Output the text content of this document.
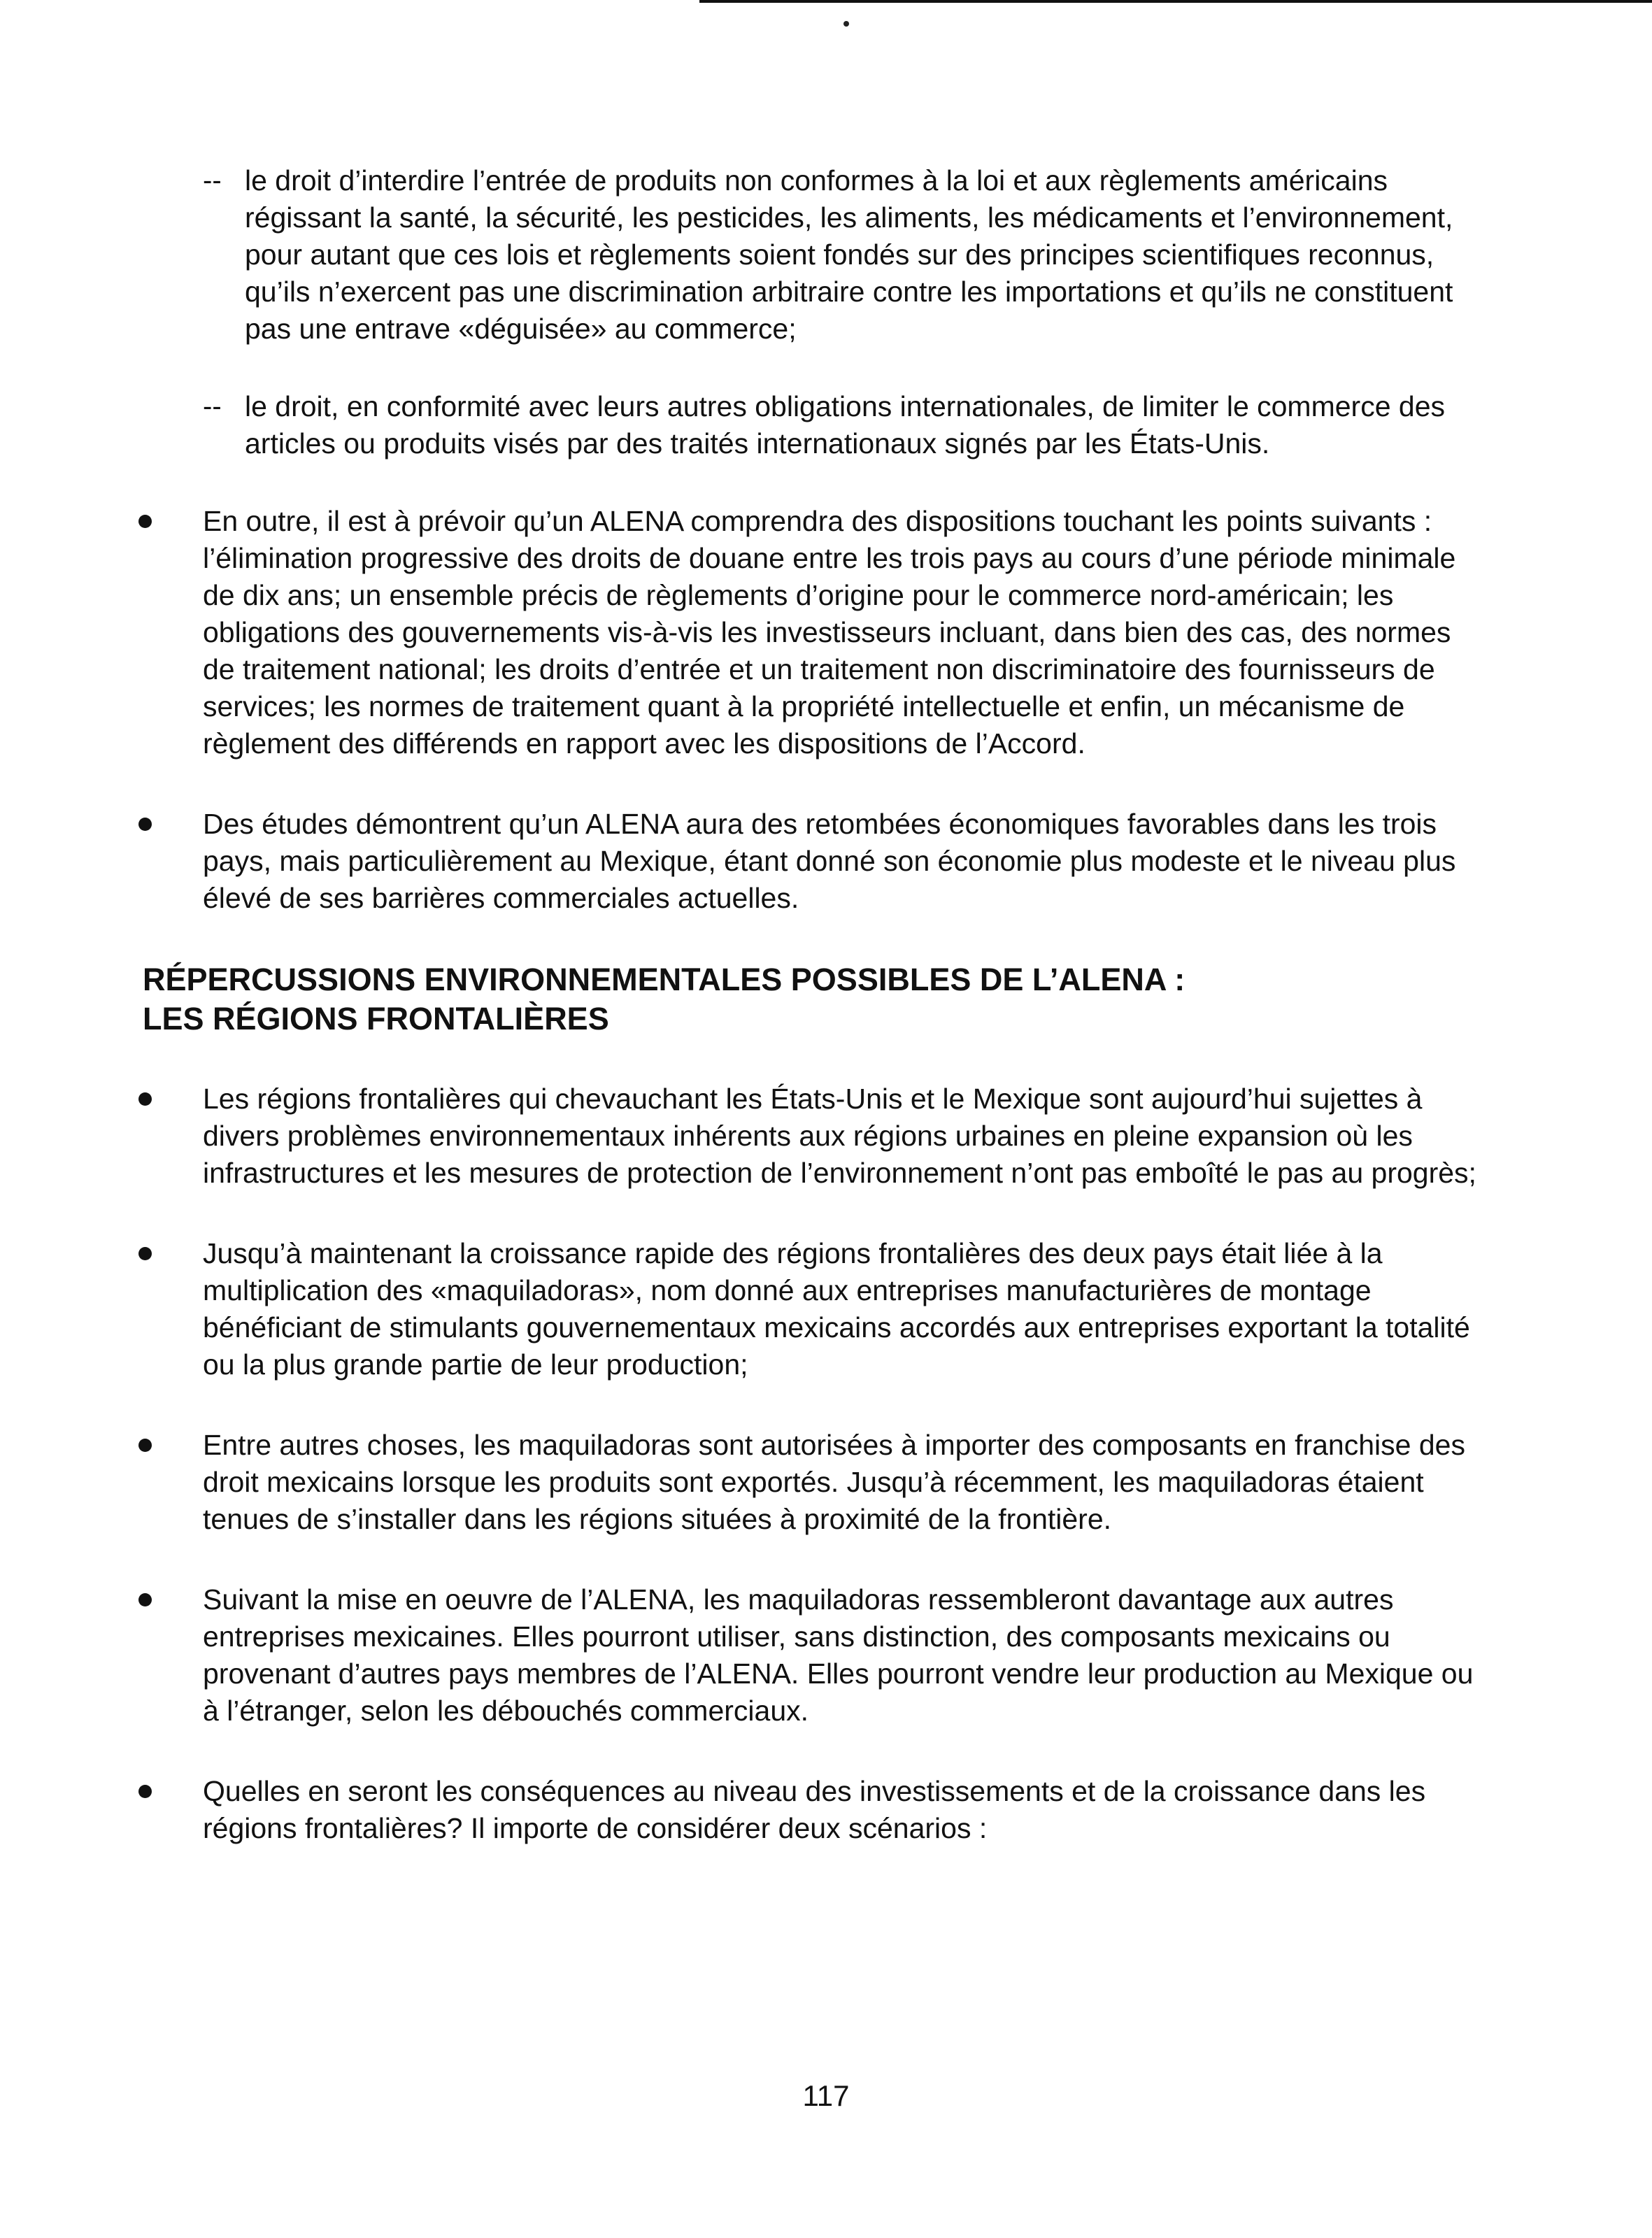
-- le droit d’interdire l’entrée de produits non conformes à la loi et aux règlements américains régissant la santé, la sécurité, les pesticides, les aliments, les médicaments et l’environnement, pour autant que ces lois et règlements soient fondés sur des principes scientifiques reconnus, qu’ils n’exercent pas une discrimination arbitraire contre les importations et qu’ils ne constituent pas une entrave «déguisée» au commerce;
-- le droit, en conformité avec leurs autres obligations internationales, de limiter le commerce des articles ou produits visés par des traités internationaux signés par les États-Unis.
En outre, il est à prévoir qu’un ALENA comprendra des dispositions touchant les points suivants : l’élimination progressive des droits de douane entre les trois pays au cours d’une période minimale de dix ans; un ensemble précis de règlements d’origine pour le commerce nord-américain; les obligations des gouvernements vis-à-vis les investisseurs incluant, dans bien des cas, des normes de traitement national; les droits d’entrée et un traitement non discriminatoire des fournisseurs de services; les normes de traitement quant à la propriété intellectuelle et enfin, un mécanisme de règlement des différends en rapport avec les dispositions de l’Accord.
Des études démontrent qu’un ALENA aura des retombées économiques favorables dans les trois pays, mais particulièrement au Mexique, étant donné son économie plus modeste et le niveau plus élevé de ses barrières commerciales actuelles.
RÉPERCUSSIONS ENVIRONNEMENTALES POSSIBLES DE L’ALENA :
LES RÉGIONS FRONTALIÈRES
Les régions frontalières qui chevauchant les États-Unis et le Mexique sont aujourd’hui sujettes à divers problèmes environnementaux inhérents aux régions urbaines en pleine expansion où les infrastructures et les mesures de protection de l’environnement n’ont pas emboîté le pas au progrès;
Jusqu’à maintenant la croissance rapide des régions frontalières des deux pays était liée à la multiplication des «maquiladoras», nom donné aux entreprises manufacturières de montage bénéficiant de stimulants gouvernementaux mexicains accordés aux entreprises exportant la totalité ou la plus grande partie de leur production;
Entre autres choses, les maquiladoras sont autorisées à importer des composants en franchise des droit mexicains lorsque les produits sont exportés. Jusqu’à récemment, les maquiladoras étaient tenues de s’installer dans les régions situées à proximité de la frontière.
Suivant la mise en oeuvre de l’ALENA, les maquiladoras ressembleront davantage aux autres entreprises mexicaines. Elles pourront utiliser, sans distinction, des composants mexicains ou provenant d’autres pays membres de l’ALENA. Elles pourront vendre leur production au Mexique ou à l’étranger, selon les débouchés commerciaux.
Quelles en seront les conséquences au niveau des investissements et de la croissance dans les régions frontalières? Il importe de considérer deux scénarios :
117
